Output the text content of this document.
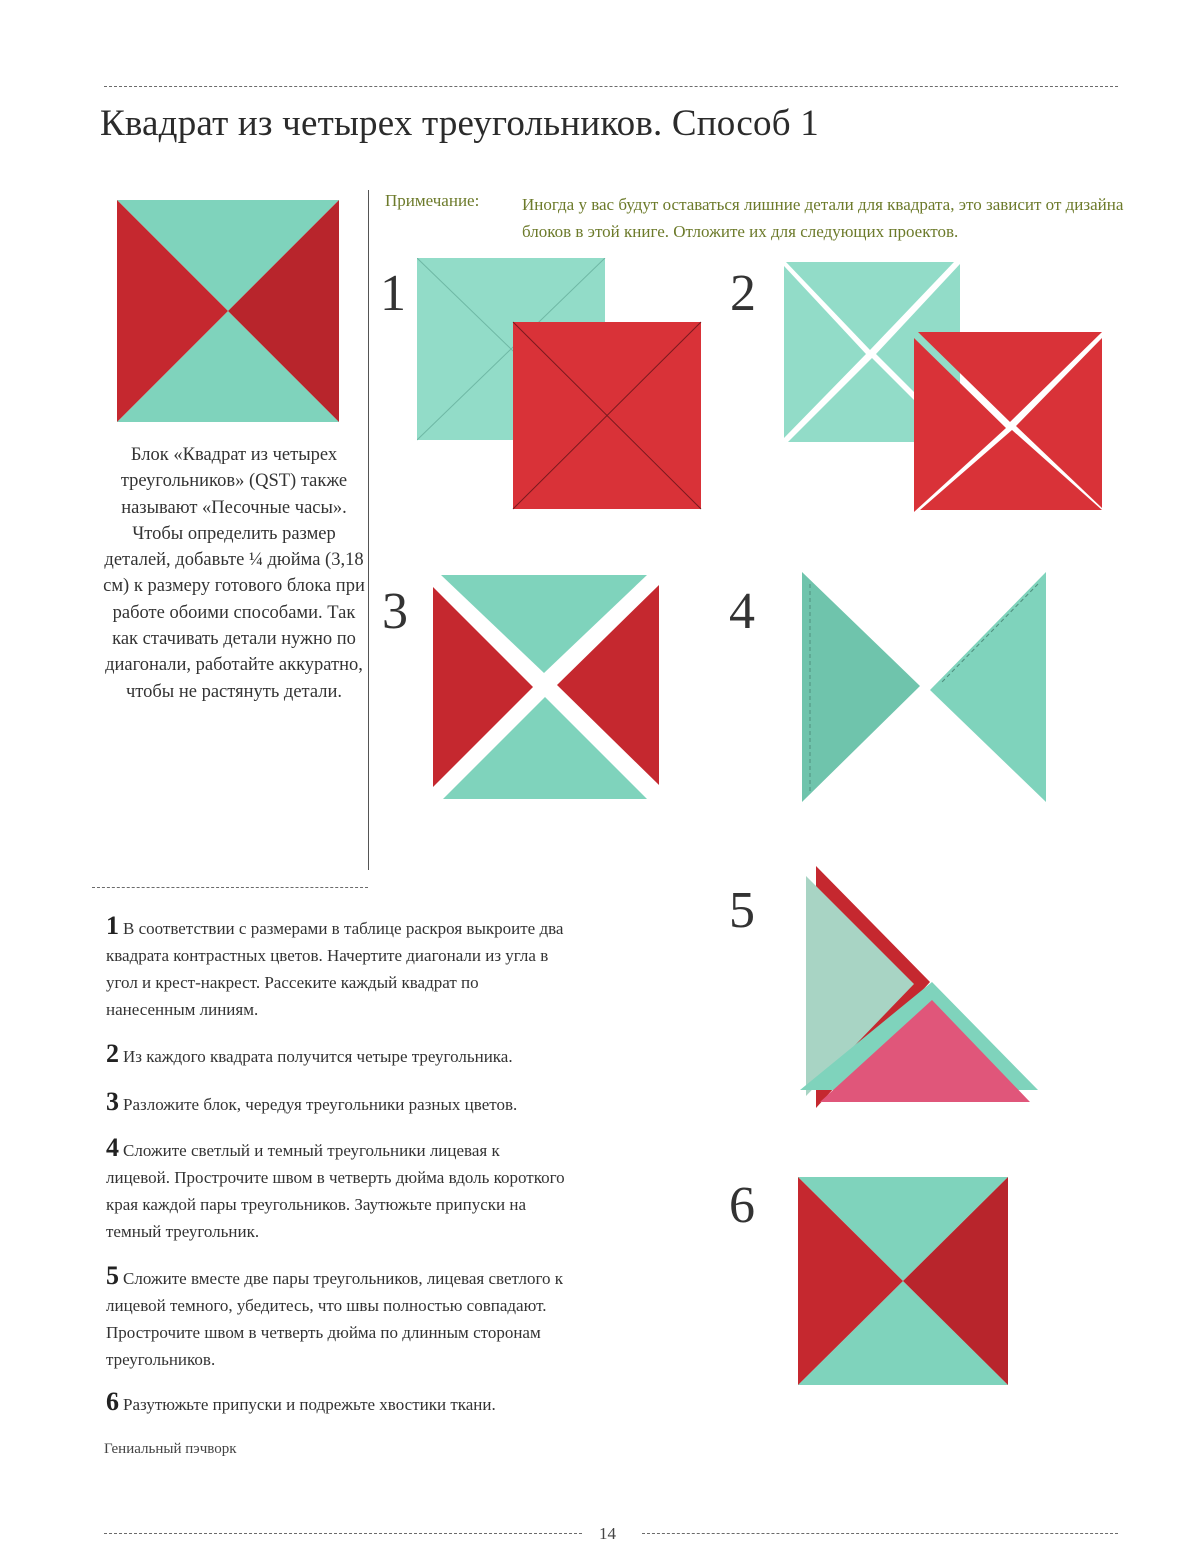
Квадрат из четырех треугольников. Способ 1
Блок «Квадрат из четырех треугольников» (QST) также называют «Песочные часы». Чтобы определить размер деталей, добавьте ¼ дюйма (3,18 см) к размеру готового блока при работе обоими способами. Так как стачивать детали нужно по диагонали, работайте аккуратно, чтобы не растянуть детали.
Примечание:	Иногда у вас будут оставаться лишние детали для квадрата, это зависит от дизайна блоков в этой книге. Отложите их для следующих проектов.
1	2
3	4
5
6
1 В соответствии с размерами в таблице раскроя выкроите два квадрата контрастных цветов. Начертите диагонали из угла в угол и крест-накрест. Рассеките каждый квадрат по нанесенным линиям.
2 Из каждого квадрата получится четыре треугольника.
3 Разложите блок, чередуя треугольники разных цветов.
4 Сложите светлый и темный треугольники лицевая к лицевой. Прострочите швом в четверть дюйма вдоль короткого края каждой пары треугольников. Заутюжьте припуски на темный треугольник.
5 Сложите вместе две пары треугольников, лицевая светлого к лицевой темного, убедитесь, что швы полностью совпадают. Прострочите швом в четверть дюйма по длинным сторонам треугольников.
6 Разутюжьте припуски и подрежьте хвостики ткани.
Гениальный пэчворк
14
